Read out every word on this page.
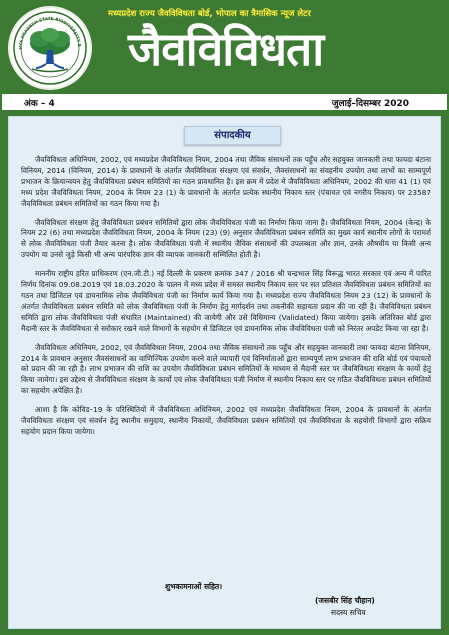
HYA PRADESH STATE BIODIVERSITY B
मध्यप्रदेश राज्य जैवविविधता बोर्ड, भोपाल का त्रैमासिक न्यूज लेटर
जैवविविधता
अंक – 4	जुलाई–दिसम्बर 2020
संपादकीय

जैवविविधता अधिनियम, 2002, एवं मध्यप्रदेश जैवविविधता नियम, 2004 तथा जैविक संसाधनों तक पहुँच और सहयुक्त जानकारी तथा फायदा बंटाना विनियम, 2014 (विनियम, 2014) के प्रावधानों के अंतर्गत जैवविविधता संरक्षण एवं संवर्धन, जैवसंसाधनों का संवहनीय उपयोग तथा लाभों का साम्यपूर्ण प्रभाजन के क्रियान्वयन हेतु जैवविविधता प्रबंधन समितियों का गठन प्रावधानित है। इस क्रम में प्रदेश में जैवविविधता अधिनियम, 2002 की धारा 41 (1) एवं मध्य प्रदेश जैवविविधता नियम, 2004 के नियम 23 (1) के प्रावधानों के अंतर्गत प्रत्येक स्थानीय निकाय स्तर (पंचायत एवं नगरीय निकाय) पर 23587 जैवविविधता प्रबंधन समितियों का गठन किया गया है।

जैवविविधता संरक्षण हेतु जैवविविधता प्रबंधन समितियों द्वारा लोक जैवविविधता पंजी का निर्माण किया जाना है। जैवविविधता नियम, 2004 (केन्द्र) के नियम 22 (6) तथा मध्यप्रदेश जैवविविधता नियम, 2004 के नियम (23) (9) अनुसार जैवविविधता प्रबंधन समिति का मुख्य कार्य स्थानीय लोगों के परामर्श से लोक जैवविविधता पंजी तैयार करना है। लोक जैवविविधता पंजी में स्थानीय जैविक संसाधनों की उपलब्धता और ज्ञान, उनके औषधीय या किसी अन्य उपयोग या उनसे जुड़े किसी भी अन्य पारंपरिक ज्ञान की व्यापक जानकारी सम्मिलित होती है।

माननीय राष्ट्रीय हरित प्राधिकरण (एन.जी.टी.) नई दिल्ली के प्रकरण क्रमांक 347 / 2016 श्री चन्द्रभाल सिंह विरूद्ध भारत सरकार एवं अन्य में पारित निर्णय दिनांक 09.08.2019 एवं 18.03.2020 के पालन में मध्य प्रदेश में समस्त स्थानीय निकाय स्तर पर सत प्रतिशत जैवविविधता प्रबंधन समितियों का गठन तथा डिजिटल एवं डायनामिक लोक जैवविविधता पंजी का निर्माण कार्य किया गया है। मध्यप्रदेश राज्य जैवविविधता नियम 23 (12) के प्रावधानों के अंतर्गत जैवविविधता प्रबंधन समिति को लोक जैवविविधता पंजी के निर्माण हेतु मार्गदर्शन तथा तकनीकी सहायता प्रदान की जा रही है। जैवविविधता प्रबंधन समिति द्वारा लोक जैवविविधता पंजी संधारित (Maintained) की जायेगी और उसे विधिमान्य (Validated) किया जायेगा। इसके अतिरिक्त बोर्ड द्वारा मैदानी स्तर के जैवविविधता से सरोकार रखने वाले विभागों के सहयोग से डिजिटल एवं डायनामिक लोक जैवविविधता पंजी को निरंतर अपडेट किया जा रहा है।

जैवविविधता अधिनियम, 2002, एवं जैवविविधता नियम, 2004 तथा जैविक संसाधनों तक पहुँच और सहयुक्त जानकारी तथा फायदा बंटाना विनियम, 2014 के प्रावधान अनुसार जैवसंसाधनों का वाणिज्यिक उपयोग करने वाले व्यापारी एवं विनिर्माताओं द्वारा साम्यपूर्ण लाभ प्रभाजन की राशि बोर्ड एवं पंचायतों को प्रदान की जा रही है। लाभ प्रभाजन की राशि का उपयोग जैवविविधता प्रबंधन समितियों के माध्यम से मैदानी स्तर पर जैवविविधता संरक्षण के कार्यो हेतु किया जायेगा। इस उद्देश्य से जैवविविधता संरक्षण के कार्यो एवं लोक जैवविविधता पंजी निर्माण में स्थानीय निकाय स्तर पर गठित जैवविविधता प्रबंधन समितियों का सहयोग अपेक्षित है।

आशा है कि कोविड–19 के परिस्थितियों में जैवविविधता अधिनियम, 2002 एवं मध्यप्रदेश जैवविविधता नियम, 2004 के प्रावधानों के अंतर्गत जैवविविधता संरक्षण एवं संवर्धन हेतु स्थानीय समुदाय, स्थानीय निकायों, जैवविविधता प्रबंधन समितियों एवं जैवविविधता के सहयोगी विभागों द्वारा सक्रिय सहयोग प्रदान किया जायेगा।

शुभकामनाओं सहित।
(जसबीर सिंह चौहान)
सदस्य सचिव
